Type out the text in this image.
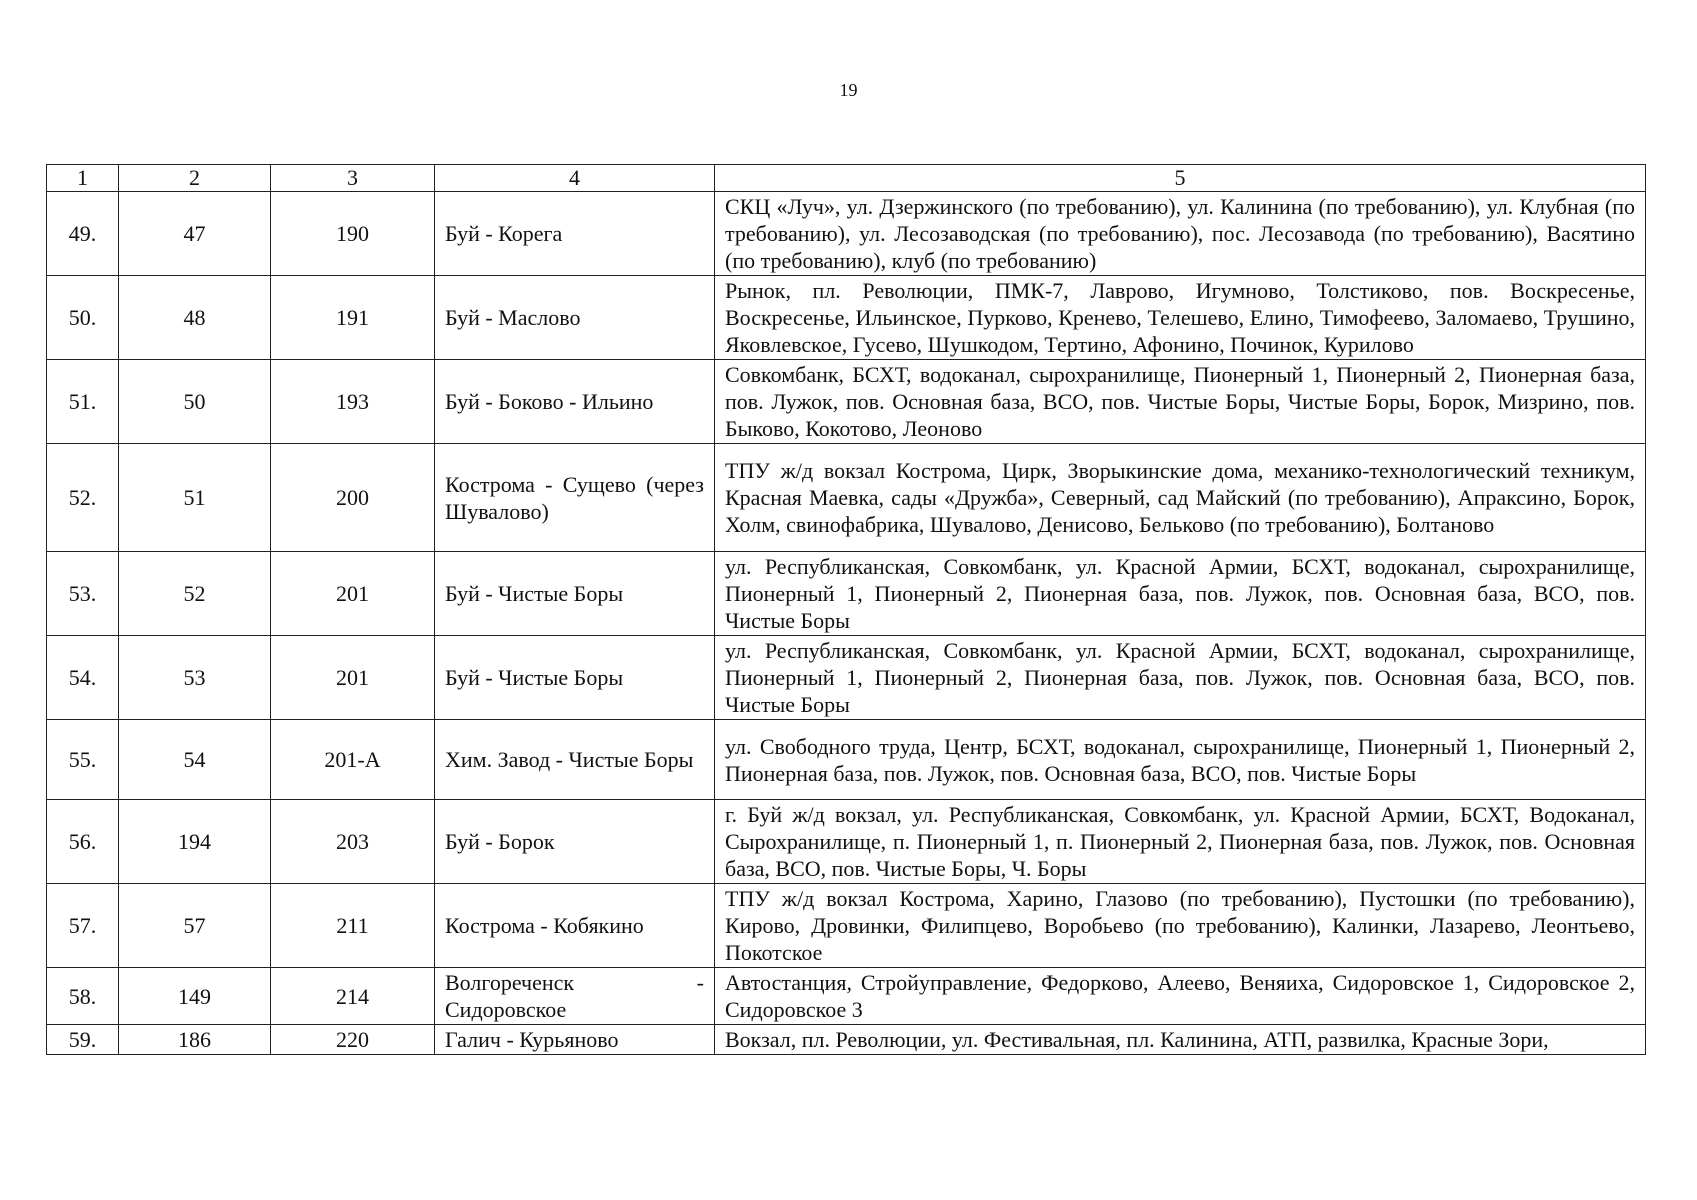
19
1	2	3	4	5
49.	47	190	Буй - Корега	СКЦ «Луч», ул. Дзержинского (по требованию), ул. Калинина (по требованию), ул. Клубная (по требованию), ул. Лесозаводская (по требованию), пос. Лесозавода (по требованию), Васятино (по требованию), клуб (по требованию)
50.	48	191	Буй - Маслово	Рынок, пл. Революции, ПМК-7, Лаврово, Игумново, Толстиково, пов. Воскресенье, Воскресенье, Ильинское, Пурково, Кренево, Телешево, Елино, Тимофеево, Заломаево, Трушино, Яковлевское, Гусево, Шушкодом, Тертино, Афонино, Починок, Курилово
51.	50	193	Буй - Боково - Ильино	Совкомбанк, БСХТ, водоканал, сырохранилище, Пионерный 1, Пионерный 2, Пионерная база, пов. Лужок, пов. Основная база, ВСО, пов. Чистые Боры, Чистые Боры, Борок, Мизрино, пов. Быково, Кокотово, Леоново
52.	51	200	Кострома - Сущево (через Шувалово)	ТПУ ж/д вокзал Кострома, Цирк, Зворыкинские дома, механико-технологический техникум, Красная Маевка, сады «Дружба», Северный, сад Майский (по требованию), Апраксино, Борок, Холм, свинофабрика, Шувалово, Денисово, Бельково (по требованию), Болтаново
53.	52	201	Буй - Чистые Боры	ул. Республиканская, Совкомбанк, ул. Красной Армии, БСХТ, водоканал, сырохранилище, Пионерный 1, Пионерный 2, Пионерная база, пов. Лужок, пов. Основная база, ВСО, пов. Чистые Боры
54.	53	201	Буй - Чистые Боры	ул. Республиканская, Совкомбанк, ул. Красной Армии, БСХТ, водоканал, сырохранилище, Пионерный 1, Пионерный 2, Пионерная база, пов. Лужок, пов. Основная база, ВСО, пов. Чистые Боры
55.	54	201-А	Хим. Завод - Чистые Боры	ул. Свободного труда, Центр, БСХТ, водоканал, сырохранилище, Пионерный 1, Пионерный 2, Пионерная база, пов. Лужок, пов. Основная база, ВСО, пов. Чистые Боры
56.	194	203	Буй - Борок	г. Буй ж/д вокзал, ул. Республиканская, Совкомбанк, ул. Красной Армии, БСХТ, Водоканал, Сырохранилище, п. Пионерный 1, п. Пионерный 2, Пионерная база, пов. Лужок, пов. Основная база, ВСО, пов. Чистые Боры, Ч. Боры
57.	57	211	Кострома - Кобякино	ТПУ ж/д вокзал Кострома, Харино, Глазово (по требованию), Пустошки (по требованию), Кирово, Дровинки, Филипцево, Воробьево (по требованию), Калинки, Лазарево, Леонтьево, Покотское
58.	149	214	Волгореченск - Сидоровское	Автостанция, Стройуправление, Федорково, Алеево, Веняиха, Сидоровское 1, Сидоровское 2, Сидоровское 3
59.	186	220	Галич - Курьяново	Вокзал, пл. Революции, ул. Фестивальная, пл. Калинина, АТП, развилка, Красные Зори,
